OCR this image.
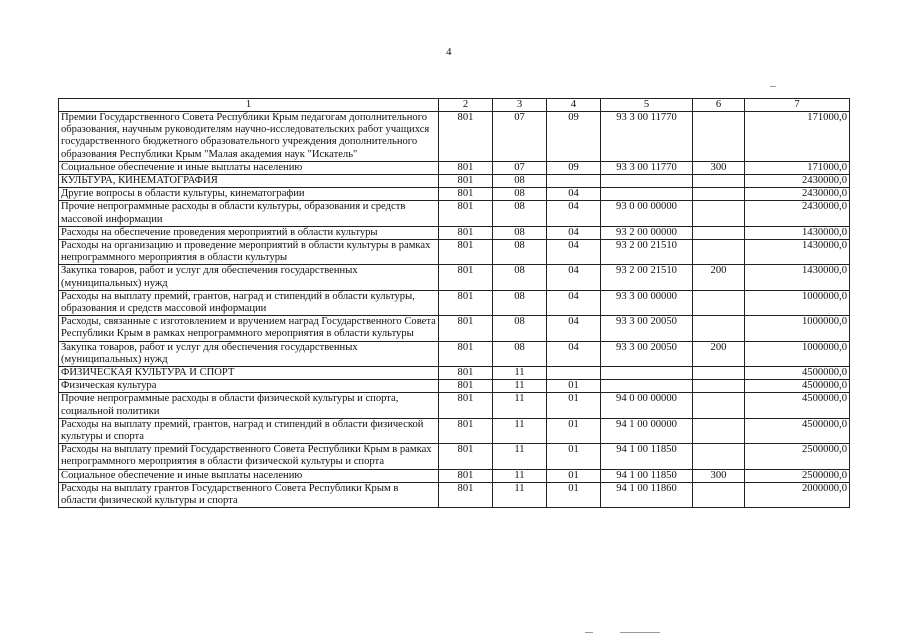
4
1	2	3	4	5	6	7
Премии Государственного Совета Республики Крым педагогам дополнительного образования, научным руководителям научно-исследовательских работ учащихся государственного бюджетного образовательного учреждения дополнительного образования Республики Крым "Малая академия наук "Искатель"	801	07	09	93 3 00 11770		171000,0
Социальное обеспечение и иные выплаты населению	801	07	09	93 3 00 11770	300	171000,0
КУЛЬТУРА, КИНЕМАТОГРАФИЯ	801	08				2430000,0
Другие вопросы в области культуры, кинематографии	801	08	04			2430000,0
Прочие непрограммные расходы в области культуры, образования и средств массовой информации	801	08	04	93 0 00 00000		2430000,0
Расходы на обеспечение проведения мероприятий в области культуры	801	08	04	93 2 00 00000		1430000,0
Расходы на организацию и проведение мероприятий в области культуры в рамках непрограммного мероприятия в области культуры	801	08	04	93 2 00 21510		1430000,0
Закупка товаров, работ и услуг для обеспечения государственных (муниципальных) нужд	801	08	04	93 2 00 21510	200	1430000,0
Расходы на выплату премий, грантов, наград и стипендий в области культуры, образования и средств массовой информации	801	08	04	93 3 00 00000		1000000,0
Расходы, связанные с изготовлением и вручением наград Государственного Совета Республики Крым в рамках непрограммного мероприятия в области культуры	801	08	04	93 3 00 20050		1000000,0
Закупка товаров, работ и услуг для обеспечения государственных (муниципальных) нужд	801	08	04	93 3 00 20050	200	1000000,0
ФИЗИЧЕСКАЯ КУЛЬТУРА И СПОРТ	801	11				4500000,0
Физическая культура	801	11	01			4500000,0
Прочие непрограммные расходы в области физической культуры и спорта, социальной политики	801	11	01	94 0 00 00000		4500000,0
Расходы на выплату премий, грантов, наград и стипендий в области физической культуры и спорта	801	11	01	94 1 00 00000		4500000,0
Расходы на выплату премий Государственного Совета Республики Крым в рамках непрограммного мероприятия в области физической культуры и спорта	801	11	01	94 1 00 11850		2500000,0
Социальное обеспечение и иные выплаты населению	801	11	01	94 1 00 11850	300	2500000,0
Расходы на выплату грантов Государственного Совета Республики Крым в области физической культуры и спорта	801	11	01	94 1 00 11860		2000000,0
